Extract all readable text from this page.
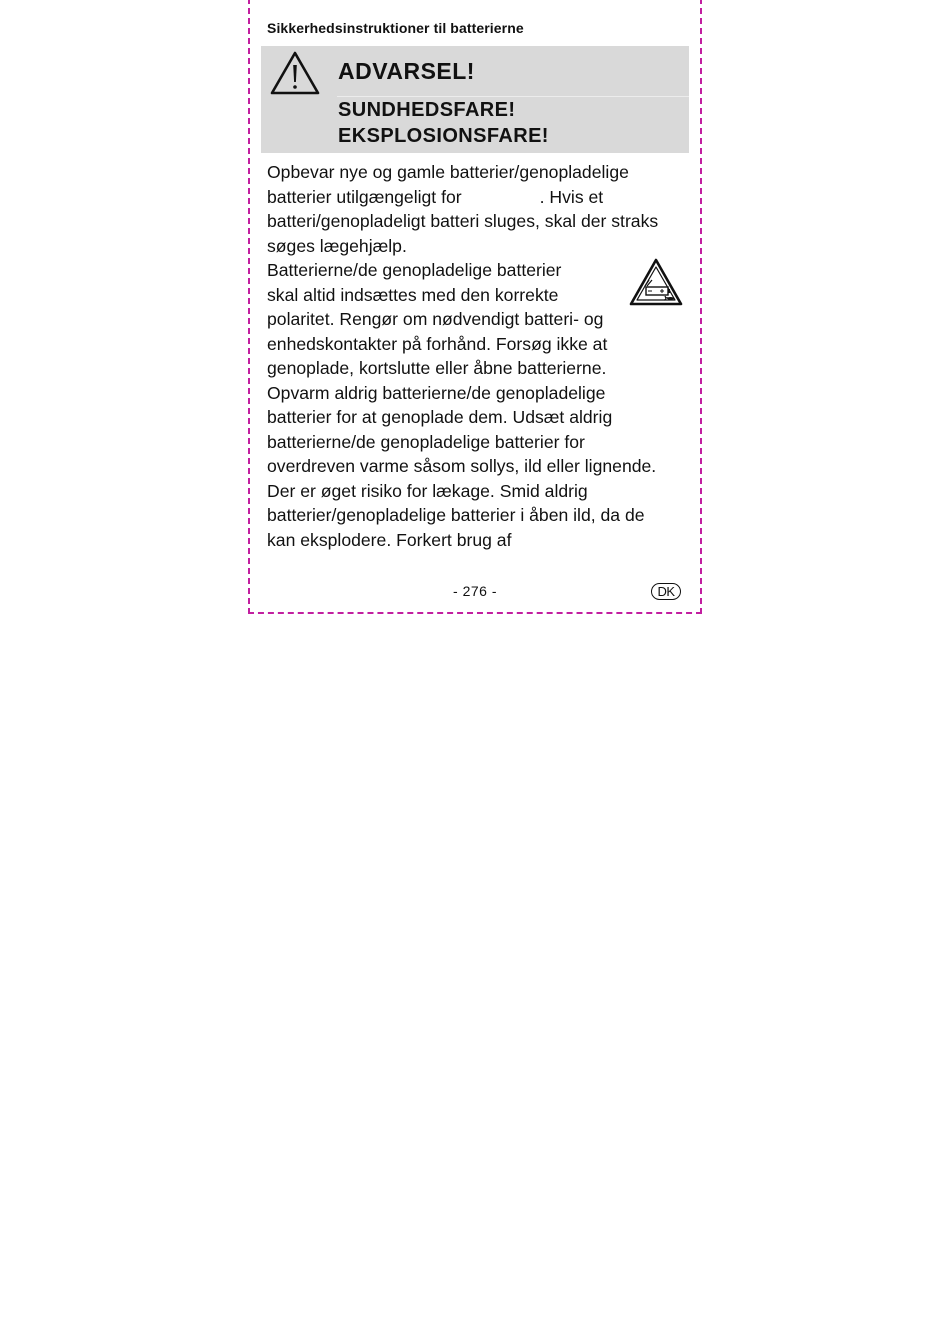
Sikkerhedsinstruktioner til batterierne
ADVARSEL!
SUNDHEDSFARE!
EKSPLOSIONSFARE!
Opbevar nye og gamle batterier/genopladelige
batterier utilgængeligt for	. Hvis et
batteri/genopladeligt batteri sluges, skal der straks
søges lægehjælp.
Batterierne/de genopladelige batterier
skal altid indsættes med den korrekte
polaritet. Rengør om nødvendigt batteri- og
enhedskontakter på forhånd. Forsøg ikke at
genoplade, kortslutte eller åbne batterierne.
Opvarm aldrig batterierne/de genopladelige
batterier for at genoplade dem. Udsæt aldrig
batterierne/de genopladelige batterier for
overdreven varme såsom sollys, ild eller lignende.
Der er øget risiko for lækage. Smid aldrig
batterier/genopladelige batterier i åben ild, da de
kan eksplodere. Forkert brug af
- 276 -	DK
